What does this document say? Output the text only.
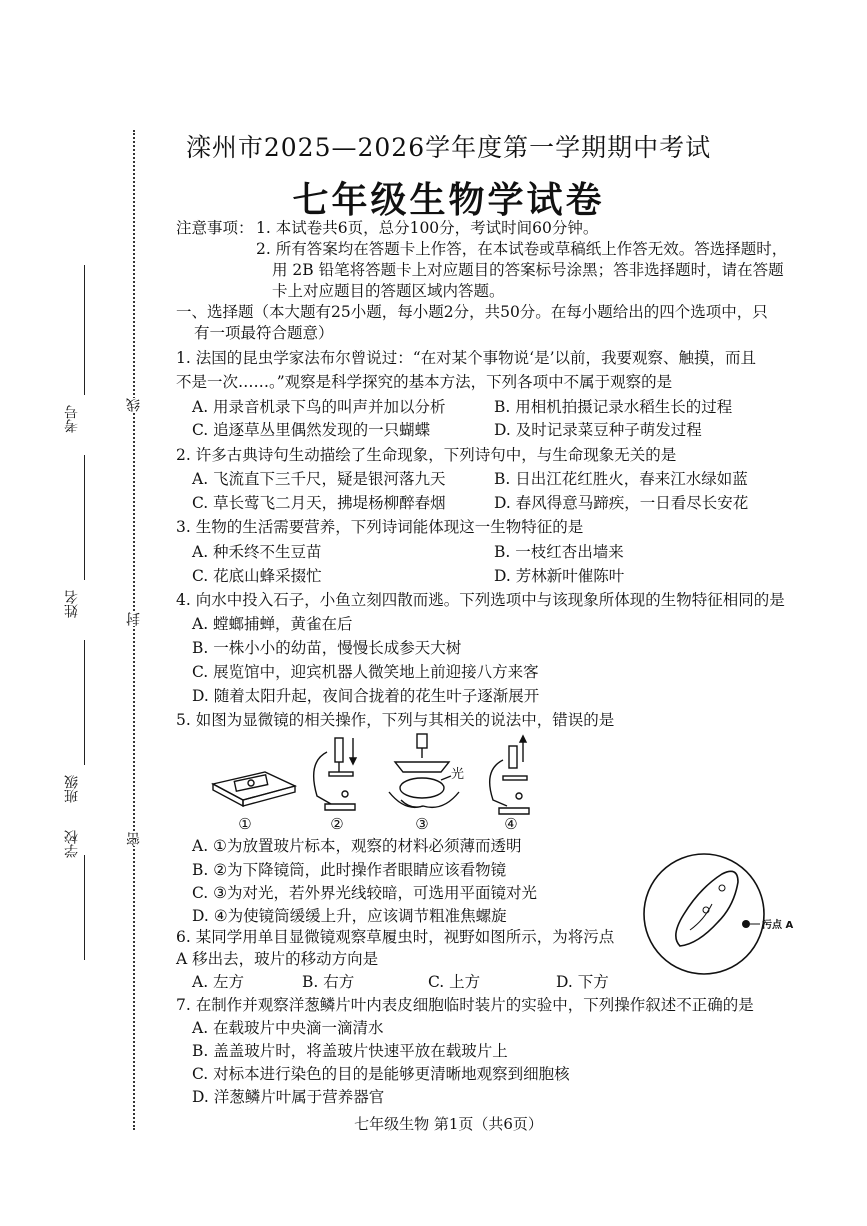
考号
姓名
班级
学校
线
封
密
滦州市2025—2026学年度第一学期期中考试
七年级生物学试卷
注意事项： 1. 本试卷共6页，总分100分，考试时间60分钟。
2. 所有答案均在答题卡上作答，在本试卷或草稿纸上作答无效。答选择题时，
用 2B 铅笔将答题卡上对应题目的答案标号涂黑；答非选择题时，请在答题
卡上对应题目的答题区域内答题。
一、选择题（本大题有25小题，每小题2分，共50分。在每小题给出的四个选项中，只
有一项最符合题意）
1. 法国的昆虫学家法布尔曾说过：“在对某个事物说‘是’以前，我要观察、触摸，而且
不是一次……。”观察是科学探究的基本方法，下列各项中不属于观察的是
A. 用录音机录下鸟的叫声并加以分析	B. 用相机拍摄记录水稻生长的过程
C. 追逐草丛里偶然发现的一只蝴蝶	D. 及时记录菜豆种子萌发过程
2. 许多古典诗句生动描绘了生命现象，下列诗句中，与生命现象无关的是
A. 飞流直下三千尺，疑是银河落九天	B. 日出江花红胜火，春来江水绿如蓝
C. 草长莺飞二月天，拂堤杨柳醉春烟	D. 春风得意马蹄疾，一日看尽长安花
3. 生物的生活需要营养，下列诗词能体现这一生物特征的是
A. 种禾终不生豆苗	B. 一枝红杏出墙来
C. 花底山蜂采掇忙	D. 芳林新叶催陈叶
4. 向水中投入石子，小鱼立刻四散而逃。下列选项中与该现象所体现的生物特征相同的是
A. 螳螂捕蝉，黄雀在后
B. 一株小小的幼苗，慢慢长成参天大树
C. 展览馆中，迎宾机器人微笑地上前迎接八方来客
D. 随着太阳升起，夜间合拢着的花生叶子逐渐展开
5. 如图为显微镜的相关操作，下列与其相关的说法中，错误的是
光
①	②	③	④
A. ①为放置玻片标本，观察的材料必须薄而透明
B. ②为下降镜筒，此时操作者眼睛应该看物镜
C. ③为对光，若外界光线较暗，可选用平面镜对光
D. ④为使镜筒缓缓上升，应该调节粗准焦螺旋
污点 A
6. 某同学用单目显微镜观察草履虫时，视野如图所示，为将污点
A 移出去，玻片的移动方向是
A. 左方	B. 右方	C. 上方	D. 下方
7. 在制作并观察洋葱鳞片叶内表皮细胞临时装片的实验中，下列操作叙述不正确的是
A. 在载玻片中央滴一滴清水
B. 盖盖玻片时，将盖玻片快速平放在载玻片上
C. 对标本进行染色的目的是能够更清晰地观察到细胞核
D. 洋葱鳞片叶属于营养器官
七年级生物 第1页（共6页）
